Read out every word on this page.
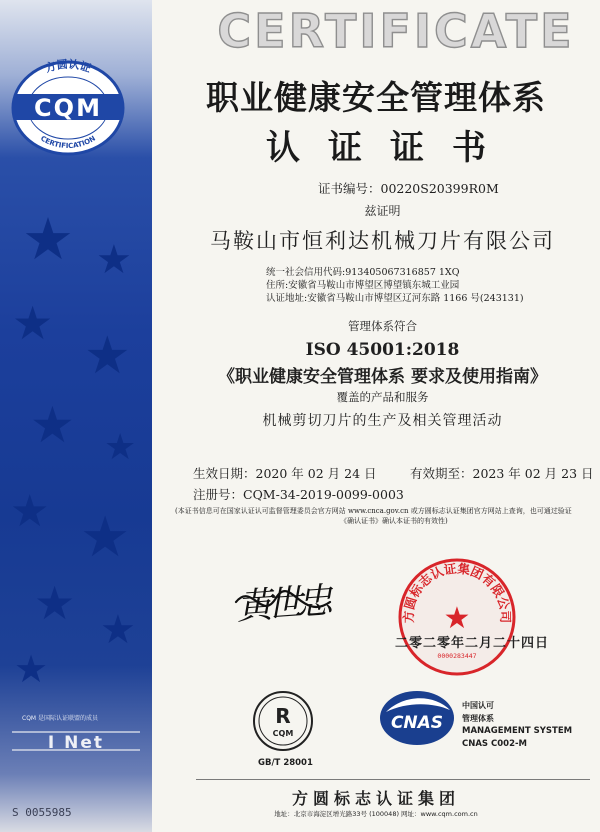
★ ★
★
★
★ ★
★ ★
★ ★
★
方圆认证
CQM
CERTIFICATION
CERTIFICATE
职业健康安全管理体系
认证证书
证书编号：00220S20399R0M
兹证明
马鞍山市恒利达机械刀片有限公司
统一社会信用代码:913405067316857 1XQ
住所:安徽省马鞍山市博望区博望镇东城工业园
认证地址:安徽省马鞍山市博望区辽河东路 1166 号(243131)
管理体系符合
ISO 45001:2018
《职业健康安全管理体系 要求及使用指南》
覆盖的产品和服务
机械剪切刀片的生产及相关管理活动
生效日期：2020 年 02 月 24 日	有效期至：2023 年 02 月 23 日
注册号：CQM-34-2019-0099-0003
(本证书信息可在国家认证认可监督管理委员会官方网站 www.cnca.gov.cn 或方圆标志认证集团官方网站上查询，也可通过验证
《确认证书》确认本证书的有效性)
黄世忠	方圆标志认证集团有限公司
★
0000283447
二零二零年二月二十四日
R
CQM
GB/T 28001
CNAS
中国认可
管理体系
MANAGEMENT SYSTEM
CNAS C002-M
CQM 是国际认证联盟的成员
I Net
方圆标志认证集团
地址：北京市海淀区增光路33号 (100048) 网址：www.cqm.com.cn
S 0055985
